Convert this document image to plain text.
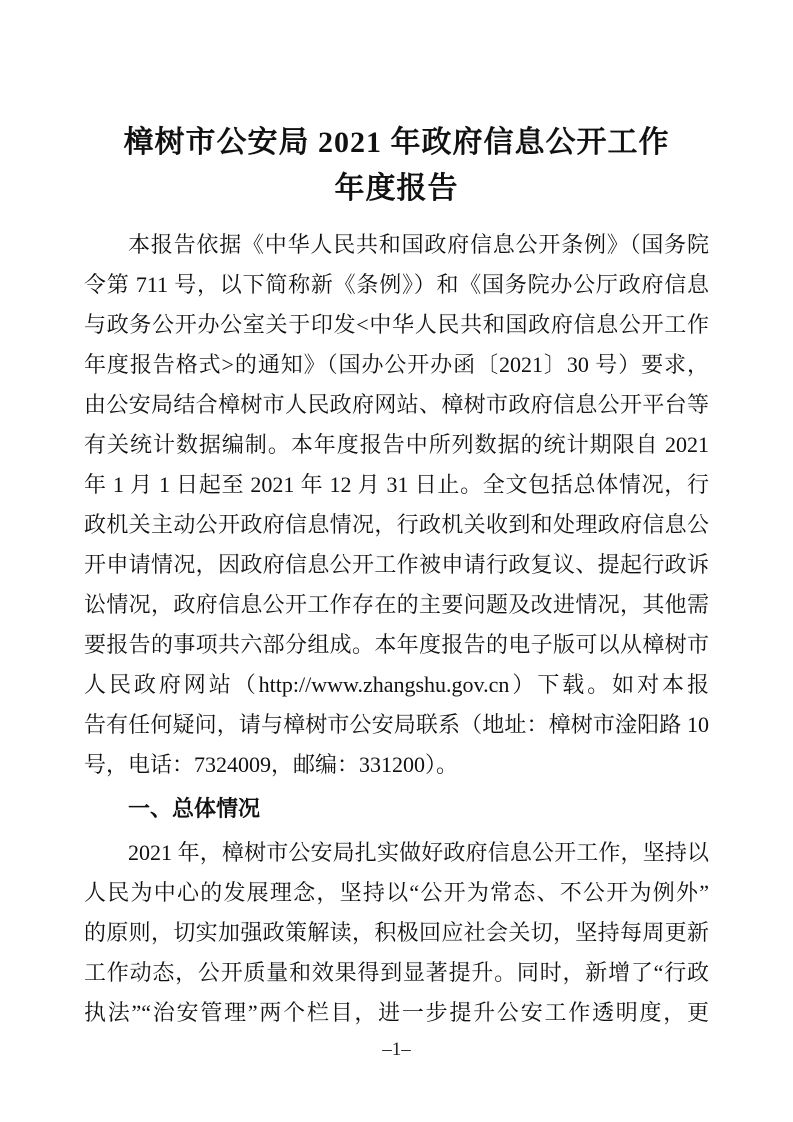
樟树市公安局 2021 年政府信息公开工作
年度报告
本报告依据《中华人民共和国政府信息公开条例》（国务院
令第 711 号，以下简称新《条例》）和《国务院办公厅政府信息
与政务公开办公室关于印发<中华人民共和国政府信息公开工作
年度报告格式>的通知》（国办公开办函〔2021〕30 号）要求，
由公安局结合樟树市人民政府网站、樟树市政府信息公开平台等
有关统计数据编制。本年度报告中所列数据的统计期限自 2021
年 1 月 1 日起至 2021 年 12 月 31 日止。全文包括总体情况，行
政机关主动公开政府信息情况，行政机关收到和处理政府信息公
开申请情况，因政府信息公开工作被申请行政复议、提起行政诉
讼情况，政府信息公开工作存在的主要问题及改进情况，其他需
要报告的事项共六部分组成。本年度报告的电子版可以从樟树市
人民政府网站（http://www.zhangshu.gov.cn）下载。如对本报
告有任何疑问，请与樟树市公安局联系（地址：樟树市淦阳路 10
号，电话：7324009，邮编：331200）。
一、总体情况
2021 年，樟树市公安局扎实做好政府信息公开工作，坚持以
人民为中心的发展理念，坚持以“公开为常态、不公开为例外”
的原则，切实加强政策解读，积极回应社会关切，坚持每周更新
工作动态，公开质量和效果得到显著提升。同时，新增了“行政
执法”“治安管理”两个栏目，进一步提升公安工作透明度，更
–1–
